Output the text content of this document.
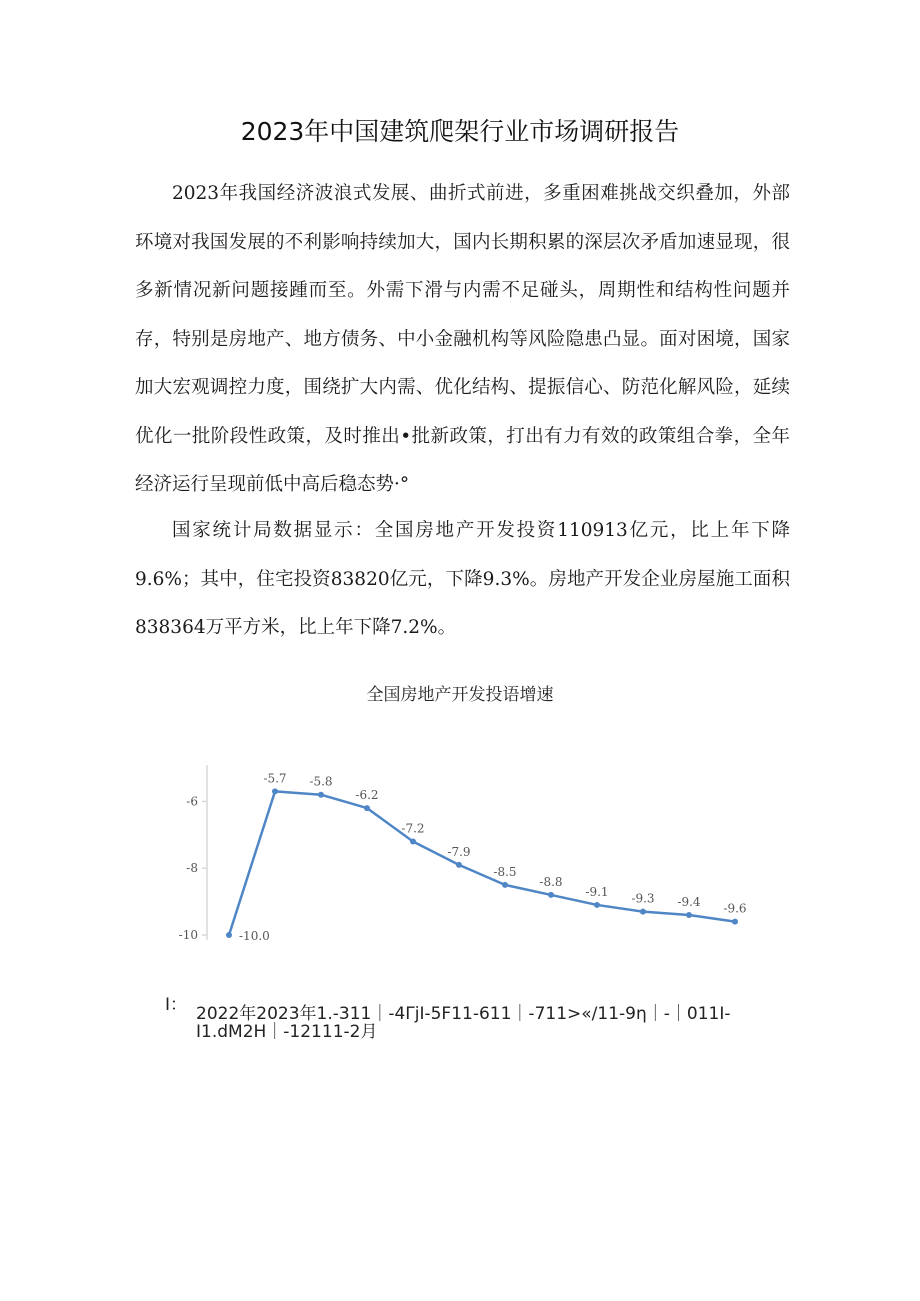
2023年中国建筑爬架行业市场调研报告

2023年我国经济波浪式发展、曲折式前进，多重困难挑战交织叠加，外部环境对我国发展的不利影响持续加大，国内长期积累的深层次矛盾加速显现，很多新情况新问题接踵而至。外需下滑与内需不足碰头，周期性和结构性问题并存，特别是房地产、地方债务、中小金融机构等风险隐患凸显。面对困境，国家加大宏观调控力度，围绕扩大内需、优化结构、提振信心、防范化解风险，延续优化一批阶段性政策，及时推出•批新政策，打出有力有效的政策组合拳，全年经济运行呈现前低中高后稳态势·°

国家统计局数据显示：全国房地产开发投资110913亿元，比上年下降9.6%；其中，住宅投资83820亿元，下降9.3%。房地产开发企业房屋施工面积838364万平方米，比上年下降7.2%。

全国房地产开发投语增速
-10
-8
-6
-10.0
-5.7 -5.8
-6.2
-7.2
-7.9
-8.5
-8.8
-9.1 -9.3 -9.4 -9.6
I： 2022年2023年1.-311｜-4ΓjI-5F11-611｜-711>«/11-9η｜-｜011I-
I1.dM2H｜-12111-2月
